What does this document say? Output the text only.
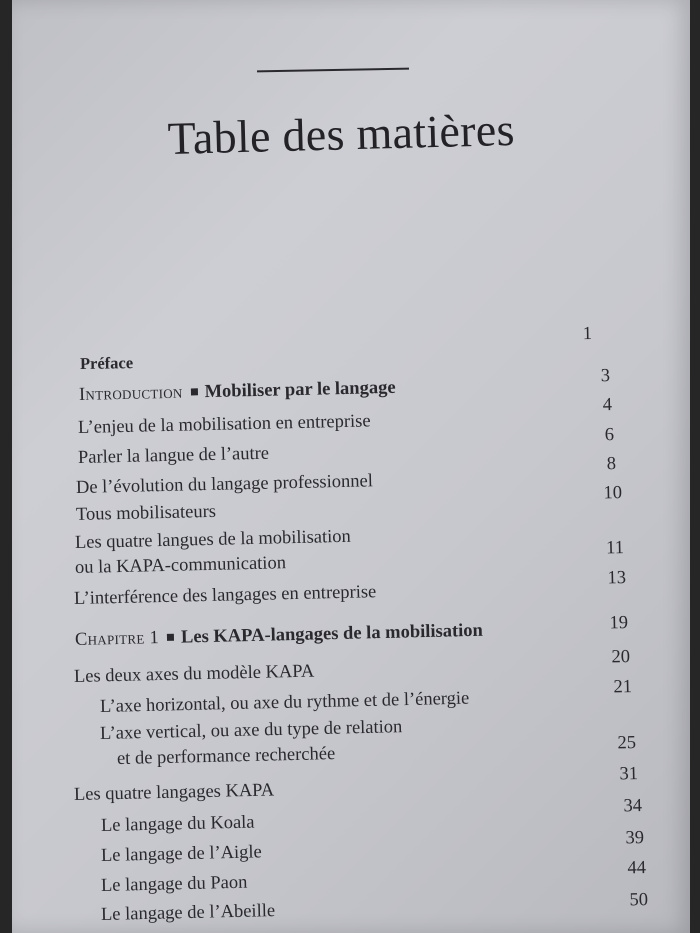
Table des matières
Préface
1
Introduction Mobiliser par le langage
3
L’enjeu de la mobilisation en entreprise
4
Parler la langue de l’autre
6
De l’évolution du langage professionnel
8
Tous mobilisateurs
10
Les quatre langues de la mobilisation
ou la KAPA-communication
11
L’interférence des langages en entreprise
13
Chapitre 1 Les KAPA-langages de la mobilisation	19
Les deux axes du modèle KAPA
20
L’axe horizontal, ou axe du rythme et de l’énergie
21
L’axe vertical, ou axe du type de relation
et de performance recherchée
25
Les quatre langages KAPA
31
Le langage du Koala
34
Le langage de l’Aigle
39
Le langage du Paon
44
Le langage de l’Abeille
50
